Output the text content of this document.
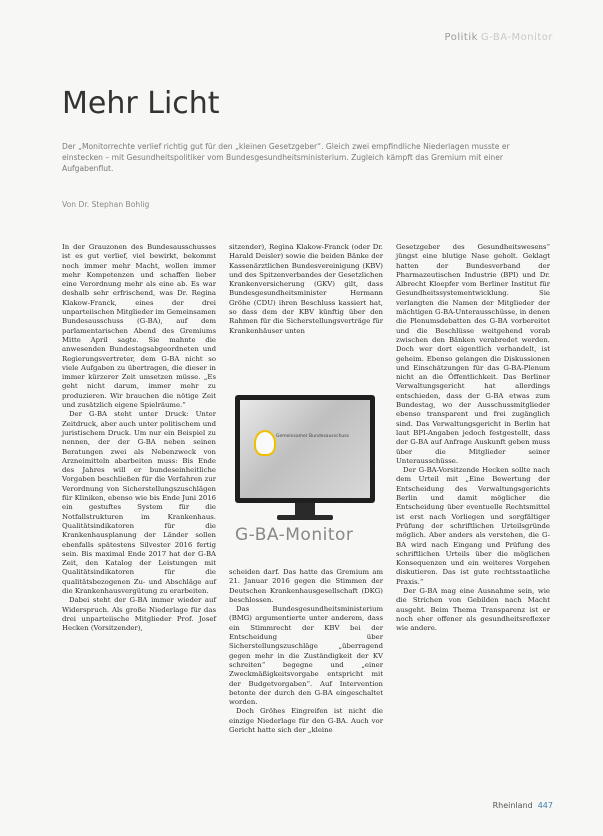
Politik G-BA-Monitor
Mehr Licht

Der „Monitorrechte verlief richtig gut für den „kleinen Gesetzgeber“. Gleich zwei empfindliche Niederlagen musste er einstecken – mit Gesundheitspolitiker vom Bundesgesundheitsministerium. Zugleich kämpft das Gremium mit einer Aufgabenflut.

Von Dr. Stephan Bohlig

In der Grauzonen des Bundesausschusses ist es gut verlief, viel bewirkt, bekommt noch immer mehr Macht, wollen immer mehr Kompetenzen und schaffen lieber eine Verordnung mehr als eine ab. Es war deshalb sehr erfrischend, was Dr. Regina Klakow-Franck, eines der drei unparteiischen Mitglieder im Gemeinsamen Bundesausschuss (G-BA), auf dem parlamentarischen Abend des Gremiums Mitte April sagte. Sie mahnte die anwesenden Bundestagsabgeordneten und Regierungsvertreter, dem G-BA nicht so viele Aufgaben zu übertragen, die dieser in immer kürzerer Zeit umsetzen müsse. „Es geht nicht darum, immer mehr zu produzieren. Wir brauchen die nötige Zeit und zusätzlich eigene Spielräume.“

Der G-BA steht unter Druck: Unter Zeitdruck, aber auch unter politischem und juristischem Druck. Um nur ein Beispiel zu nennen, der der G-BA neben seinen Beratungen zwei als Nebenzweck von Arzneimitteln abarbeiten muss: Bis Ende des Jahres will er bundeseinheitliche Vorgaben beschließen für die Verfahren zur Verordnung von Sicherstellungszuschlägen für Kliniken, ebenso wie bis Ende Juni 2016 ein gestuftes System für die Notfallstrukturen im Krankenhaus. Qualitätsindikatoren für die Krankenhausplanung der Länder sollen ebenfalls spätestens Silvester 2016 fertig sein. Bis maximal Ende 2017 hat der G-BA Zeit, den Katalog der Leistungen mit Qualitätsindikatoren für die qualitätsbezogenen Zu- und Abschläge auf die Krankenhausvergütung zu erarbeiten.

Dabei steht der G-BA immer wieder auf Widerspruch. Als große Niederlage für das drei unparteiische Mitglieder Prof. Josef Hecken (Vorsitzender),

sitzender), Regina Klakow-Franck (oder Dr. Harald Deisler) sowie die beiden Bänke der Kassenärztlichen Bundesvereinigung (KBV) und des Spitzenverbandes der Gesetzlichen Krankenversicherung (GKV) gilt, dass Bundesgesundheitsminister Hermann Gröhe (CDU) ihren Beschluss kassiert hat, so dass dem der KBV künftig über den Rahmen für die Sicherstellungsverträge für Krankenhäuser unten

Gemeinsamer Bundesausschuss
G-BA-Monitor

scheiden darf. Das hatte das Gremium am 21. Januar 2016 gegen die Stimmen der Deutschen Krankenhausgesellschaft (DKG) beschlossen.

Das Bundesgesundheitsministerium (BMG) argumentierte unter anderem, dass ein Stimmrecht der KBV bei der Entscheidung über Sicherstellungszuschläge „überragend gegen mehr in die Zuständigkeit der KV schreiten“ begegne und „einer Zweckmäßigkeitsvorgabe entspricht mit der Budgetvorgaben“. Auf Intervention betonte der durch den G-BA eingeschaltet worden.

Doch Gröhes Eingreifen ist nicht die einzige Niederlage für den G-BA. Auch vor Gericht hatte sich der „kleine

Gesetzgeber des Gesundheitswesens“ jüngst eine blutige Nase geholt. Geklagt hatten der Bundesverband der Pharmazeutischen Industrie (BPI) und Dr. Albrecht Kloepfer vom Berliner Institut für Gesundheitssystementwicklung. Sie verlangten die Namen der Mitglieder der mächtigen G-BA-Unterausschüsse, in denen die Plenumsdebatten des G-BA vorbereitet und die Beschlüsse weitgehend vorab zwischen den Bänken verabredet werden. Doch wer dort eigentlich verhandelt, ist geheim. Ebenso gelangen die Diskussionen und Einschätzungen für das G-BA-Plenum nicht an die Öffentlichkeit. Das Berliner Verwaltungsgericht hat allerdings entschieden, dass der G-BA etwas zum Bundestag, wo der Ausschussmitglieder ebenso transparent und frei zugänglich sind. Das Verwaltungsgericht in Berlin hat laut BPI-Angaben jedoch festgestellt, dass der G-BA auf Anfrage Auskunft geben muss über die Mitglieder seiner Unterausschüsse.

Der G-BA-Vorsitzende Hecken sollte nach dem Urteil mit „Eine Bewertung der Entscheidung des Verwaltungsgerichts Berlin und damit möglicher die Entscheidung über eventuelle Rechtsmittel ist erst nach Vorliegen und sorgfältiger Prüfung der schriftlichen Urteilsgründe möglich. Aber anders als verstehen, die G-BA wird nach Eingang und Prüfung des schriftlichen Urteils über die möglichen Konsequenzen und ein weiteres Vorgehen diskutieren. Das ist gute rechtsstaatliche Praxis.“

Der G-BA mag eine Ausnahme sein, wie die Strichen von Gebilden nach Macht ausgeht. Beim Thema Transparenz ist er noch eher offener als gesundheitsreflexer wie andere.

Rheinland 447
